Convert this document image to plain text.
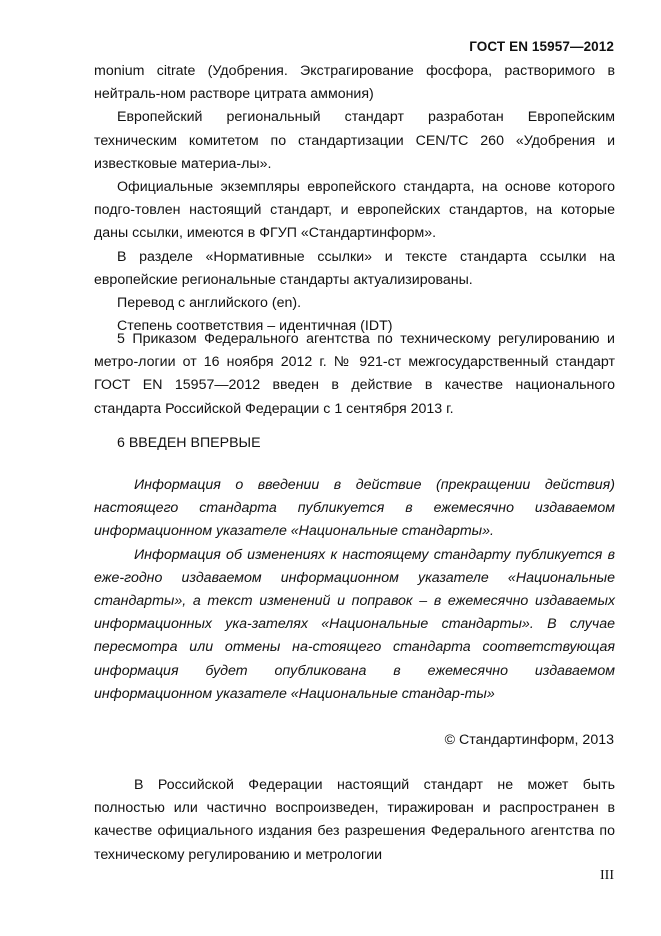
ГОСТ EN 15957—2012

monium citrate (Удобрения. Экстрагирование фосфора, растворимого в нейтраль-ном растворе цитрата аммония)

Европейский региональный стандарт разработан Европейским техническим комитетом по стандартизации CEN/TC 260 «Удобрения и известковые материа-лы».

Официальные экземпляры европейского стандарта, на основе которого подго-товлен настоящий стандарт, и европейских стандартов, на которые даны ссылки, имеются в ФГУП «Стандартинформ».

В разделе «Нормативные ссылки» и тексте стандарта ссылки на европейские региональные стандарты актуализированы.

Перевод с английского (en).

Степень соответствия – идентичная (IDT)

5 Приказом Федерального агентства по техническому регулированию и метро-логии от 16 ноября 2012 г. № 921-ст межгосударственный стандарт ГОСТ EN 15957—2012 введен в действие в качестве национального стандарта Российской Федерации с 1 сентября 2013 г.

6 ВВЕДЕН ВПЕРВЫЕ

Информация о введении в действие (прекращении действия) настоящего стандарта публикуется в ежемесячно издаваемом информационном указателе «Национальные стандарты».

Информация об изменениях к настоящему стандарту публикуется в еже-годно издаваемом информационном указателе «Национальные стандарты», а текст изменений и поправок – в ежемесячно издаваемых информационных ука-зателях «Национальные стандарты». В случае пересмотра или отмены на-стоящего стандарта соответствующая информация будет опубликована в ежемесячно издаваемом информационном указателе «Национальные стандар-ты»

© Стандартинформ, 2013

В Российской Федерации настоящий стандарт не может быть полностью или частично воспроизведен, тиражирован и распространен в качестве официального издания без разрешения Федерального агентства по техническому регулированию и метрологии

III
